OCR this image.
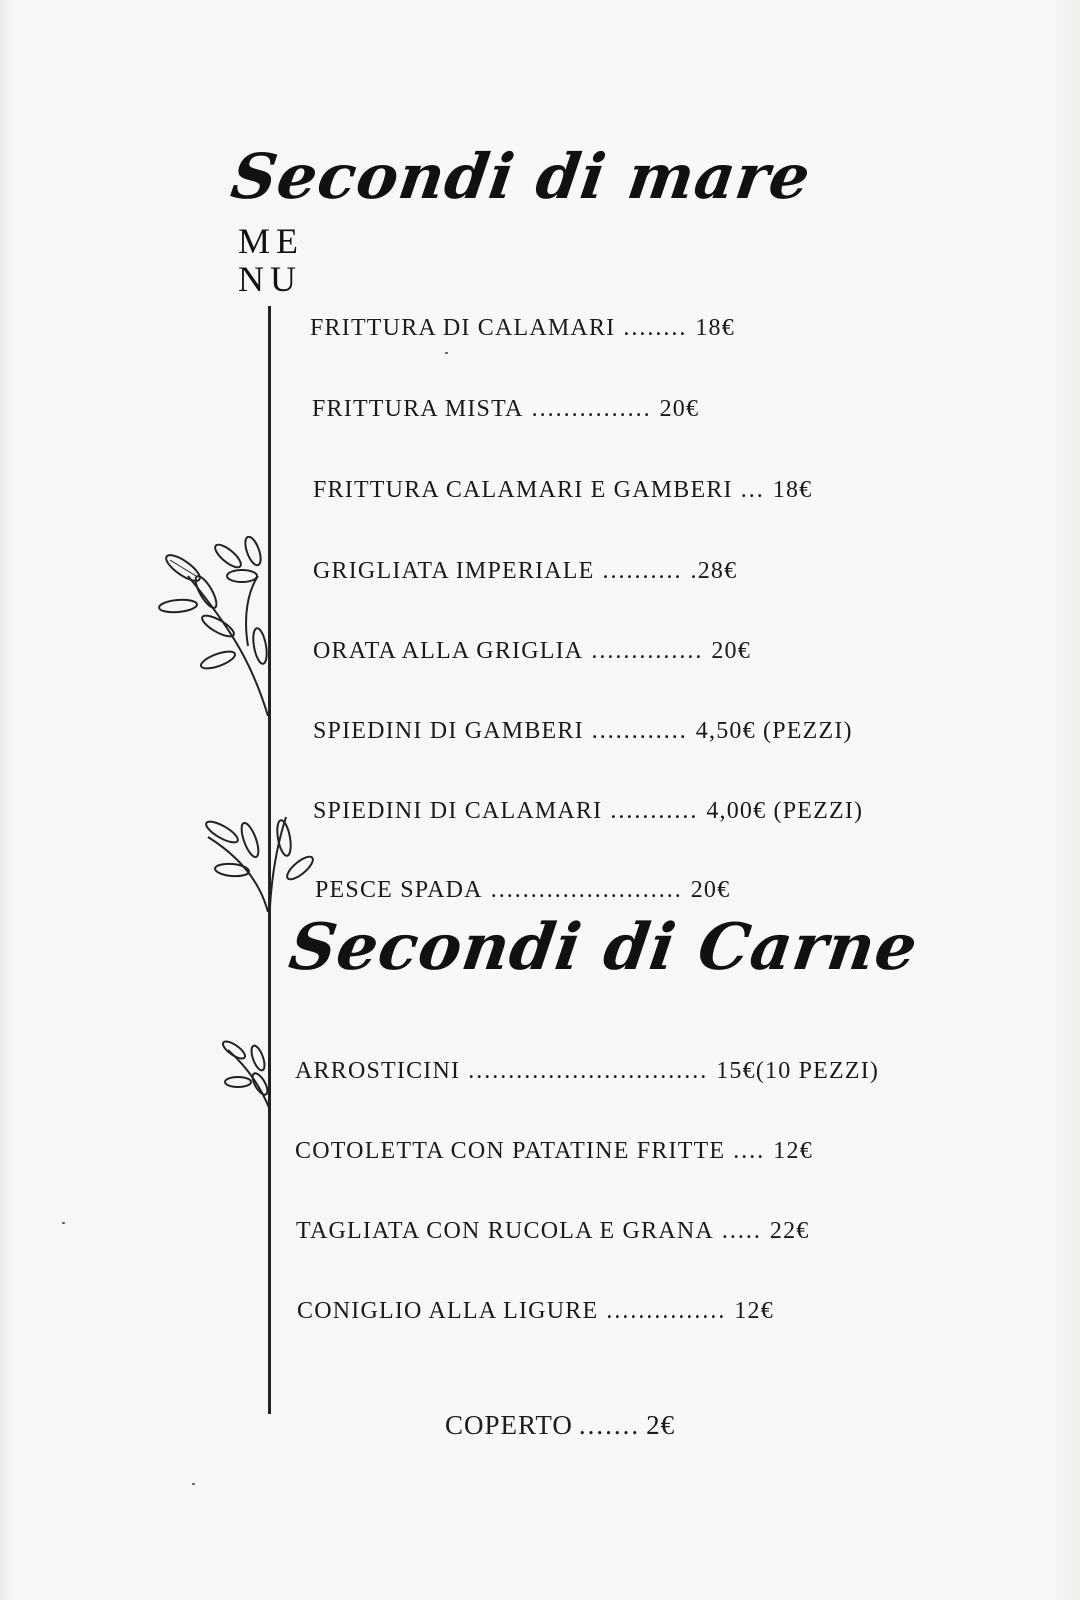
Secondi di mare
ME
NU
FRITTURA DI CALAMARI ........ 18€
FRITTURA MISTA ............... 20€
FRITTURA CALAMARI E GAMBERI ... 18€
GRIGLIATA IMPERIALE .......... .28€
ORATA ALLA GRIGLIA .............. 20€
SPIEDINI DI GAMBERI ............ 4,50€ (PEZZI)
SPIEDINI DI CALAMARI ........... 4,00€ (PEZZI)
PESCE SPADA ........................ 20€
Secondi di Carne
ARROSTICINI .............................. 15€(10 PEZZI)
COTOLETTA CON PATATINE FRITTE .... 12€
TAGLIATA CON RUCOLA E GRANA ..... 22€
CONIGLIO ALLA LIGURE ............... 12€
COPERTO ....... 2€
